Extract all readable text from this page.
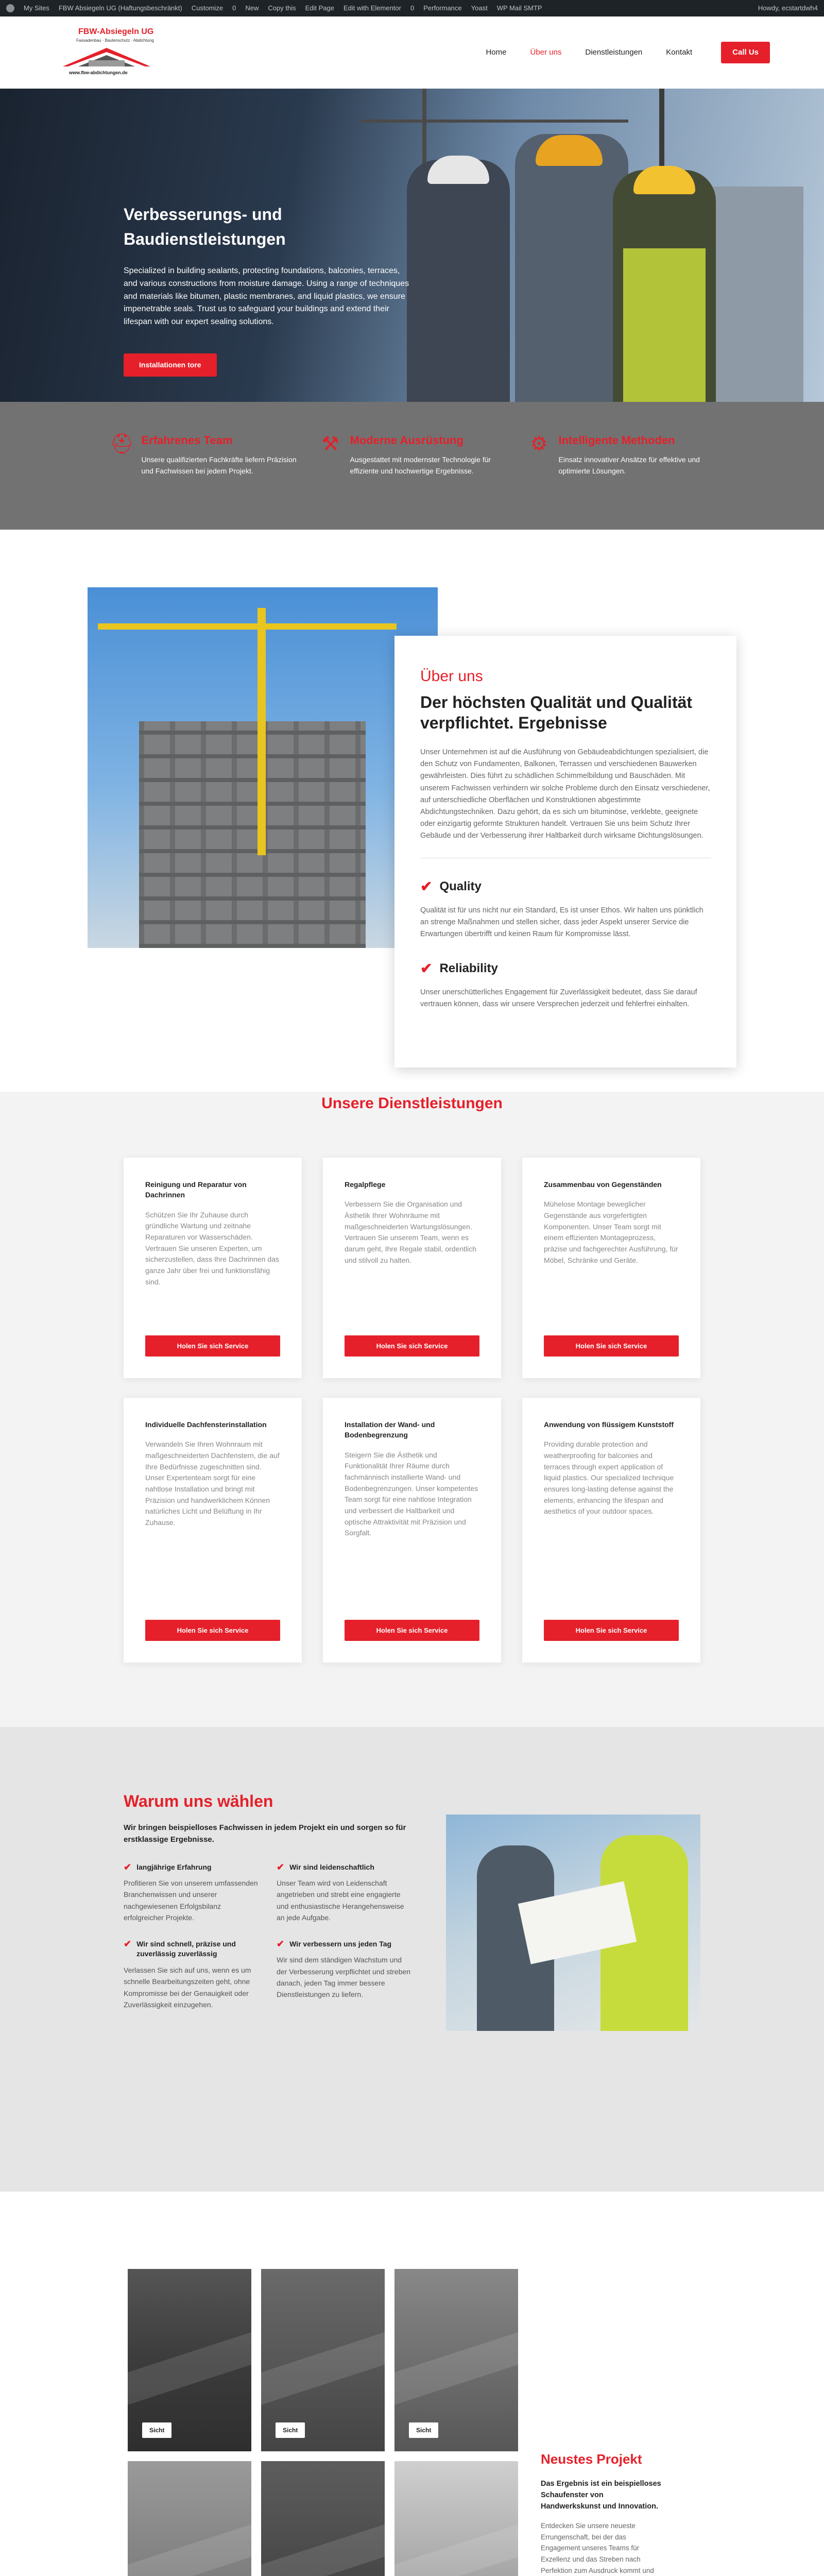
My Sites FBW Absiegeln UG (Haftungsbeschränkt) Customize 0 New Copy this Edit Page Edit with Elementor 0 Performance Yoast WP Mail SMTP	Howdy, ecstartdwh4
FBW-Absiegeln UG
Fassadenbau · Bautenschutz · Abdichtung
www.fbw-abdichtungen.de
Home	Über uns	Dienstleistungen	Kontakt	Call Us
Verbesserungs- und Baudienstleistungen

Specialized in building sealants, protecting foundations, balconies, terraces, and various constructions from moisture damage. Using a range of techniques and materials like bitumen, plastic membranes, and liquid plastics, we ensure impenetrable seals. Trust us to safeguard your buildings and extend their lifespan with our expert sealing solutions.

Installationen tore
⛑ Erfahrenes Team

Unsere qualifizierten Fachkräfte liefern Präzision und Fachwissen bei jedem Projekt.

⚒ Moderne Ausrüstung

Ausgestattet mit modernster Technologie für effiziente und hochwertige Ergebnisse.

⚙ Intelligente Methoden

Einsatz innovativer Ansätze für effektive und optimierte Lösungen.

Über uns
Der höchsten Qualität und Qualität verpflichtet. Ergebnisse

Unser Unternehmen ist auf die Ausführung von Gebäudeabdichtungen spezialisiert, die den Schutz von Fundamenten, Balkonen, Terrassen und verschiedenen Bauwerken gewährleisten. Dies führt zu schädlichen Schimmelbildung und Bauschäden. Mit unserem Fachwissen verhindern wir solche Probleme durch den Einsatz verschiedener, auf unterschiedliche Oberflächen und Konstruktionen abgestimmte Abdichtungstechniken. Dazu gehört, da es sich um bituminöse, verklebte, geeignete oder einzigartig geformte Strukturen handelt. Vertrauen Sie uns beim Schutz Ihrer Gebäude und der Verbesserung ihrer Haltbarkeit durch wirksame Dichtungslösungen.

✔ Quality

Qualität ist für uns nicht nur ein Standard, Es ist unser Ethos. Wir halten uns pünktlich an strenge Maßnahmen und stellen sicher, dass jeder Aspekt unserer Service die Erwartungen übertrifft und keinen Raum für Kompromisse lässt.

✔ Reliability

Unser unerschütterliches Engagement für Zuverlässigkeit bedeutet, dass Sie darauf vertrauen können, dass wir unsere Versprechen jederzeit und fehlerfrei einhalten.

Unsere Dienstleistungen
Reinigung und Reparatur von Dachrinnen

Schützen Sie Ihr Zuhause durch gründliche Wartung und zeitnahe Reparaturen vor Wasserschäden. Vertrauen Sie unseren Experten, um sicherzustellen, dass Ihre Dachrinnen das ganze Jahr über frei und funktionsfähig sind.

Holen Sie sich Service
Regalpflege

Verbessern Sie die Organisation und Ästhetik Ihrer Wohnräume mit maßgeschneiderten Wartungslösungen. Vertrauen Sie unserem Team, wenn es darum geht, Ihre Regale stabil, ordentlich und stilvoll zu halten.

Holen Sie sich Service
Zusammenbau von Gegenständen

Mühelose Montage beweglicher Gegenstände aus vorgefertigten Komponenten. Unser Team sorgt mit einem effizienten Montageprozess, präzise und fachgerechter Ausführung, für Möbel, Schränke und Geräte.

Holen Sie sich Service
Individuelle Dachfensterinstallation

Verwandeln Sie Ihren Wohnraum mit maßgeschneiderten Dachfenstern, die auf Ihre Bedürfnisse zugeschnitten sind. Unser Expertenteam sorgt für eine nahtlose Installation und bringt mit Präzision und handwerklichem Können natürliches Licht und Belüftung in Ihr Zuhause.

Holen Sie sich Service
Installation der Wand- und Bodenbegrenzung

Steigern Sie die Ästhetik und Funktionalität Ihrer Räume durch fachmännisch installierte Wand- und Bodenbegrenzungen. Unser kompetentes Team sorgt für eine nahtlose Integration und verbessert die Haltbarkeit und optische Attraktivität mit Präzision und Sorgfalt.

Holen Sie sich Service
Anwendung von flüssigem Kunststoff

Providing durable protection and weatherproofing for balconies and terraces through expert application of liquid plastics. Our specialized technique ensures long-lasting defense against the elements, enhancing the lifespan and aesthetics of your outdoor spaces.

Holen Sie sich Service
Warum uns wählen

Wir bringen beispielloses Fachwissen in jedem Projekt ein und sorgen so für erstklassige Ergebnisse.

✔ langjährige Erfahrung

Profitieren Sie von unserem umfassenden Branchenwissen und unserer nachgewiesenen Erfolgsbilanz erfolgreicher Projekte.

✔ Wir sind leidenschaftlich

Unser Team wird von Leidenschaft angetrieben und strebt eine engagierte und enthusiastische Herangehensweise an jede Aufgabe.

✔ Wir sind schnell, präzise und zuverlässig zuverlässig

Verlassen Sie sich auf uns, wenn es um schnelle Bearbeitungszeiten geht, ohne Kompromisse bei der Genauigkeit oder Zuverlässigkeit einzugehen.

✔ Wir verbessern uns jeden Tag

Wir sind dem ständigen Wachstum und der Verbesserung verpflichtet und streben danach, jeden Tag immer bessere Dienstleistungen zu liefern.

Sicht	Sicht	Sicht
Neustes Projekt

Das Ergebnis ist ein beispielloses Schaufenster von Handwerkskunst und Innovation.

Entdecken Sie unsere neueste Errungenschaft, bei der das Engagement unseres Teams für Exzellenz und das Streben nach Perfektion zum Ausdruck kommt und
